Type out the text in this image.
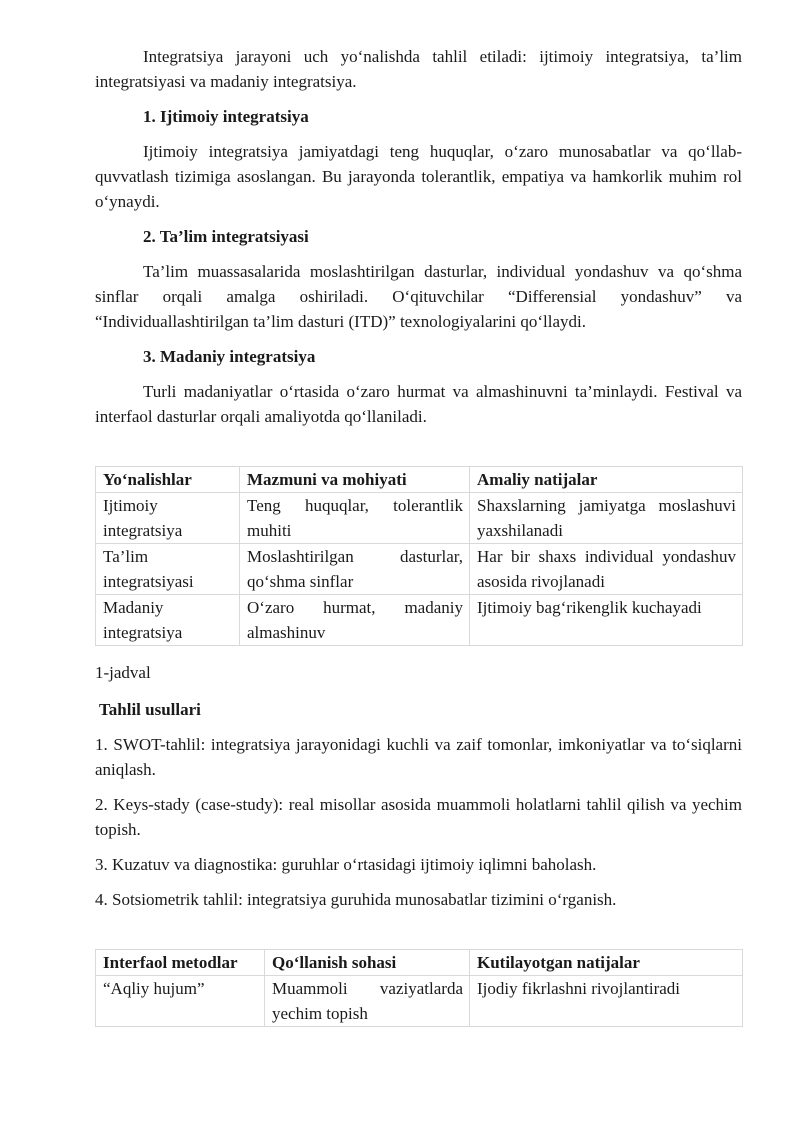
Integratsiya jarayoni uch yo‘nalishda tahlil etiladi: ijtimoiy integratsiya, ta’lim integratsiyasi va madaniy integratsiya.

1. Ijtimoiy integratsiya

Ijtimoiy integratsiya jamiyatdagi teng huquqlar, o‘zaro munosabatlar va qo‘llab-quvvatlash tizimiga asoslangan. Bu jarayonda tolerantlik, empatiya va hamkorlik muhim rol o‘ynaydi.

2. Ta’lim integratsiyasi

Ta’lim muassasalarida moslashtirilgan dasturlar, individual yondashuv va qo‘shma sinflar orqali amalga oshiriladi. O‘qituvchilar “Differensial yondashuv” va “Individuallashtirilgan ta’lim dasturi (ITD)” texnologiyalarini qo‘llaydi.

3. Madaniy integratsiya

Turli madaniyatlar o‘rtasida o‘zaro hurmat va almashinuvni ta’minlaydi. Festival va interfaol dasturlar orqali amaliyotda qo‘llaniladi.

Yo‘nalishlar	Mazmuni va mohiyati	Amaliy natijalar
Ijtimoiy integratsiya	Teng huquqlar, tolerantlik muhiti	Shaxslarning jamiyatga moslashuvi yaxshilanadi
Ta’lim integratsiyasi	Moslashtirilgan dasturlar, qo‘shma sinflar	Har bir shaxs individual yondashuv asosida rivojlanadi
Madaniy integratsiya	O‘zaro hurmat, madaniy almashinuv	Ijtimoiy bag‘rikenglik kuchayadi

1-jadval

Tahlil usullari

1. SWOT-tahlil: integratsiya jarayonidagi kuchli va zaif tomonlar, imkoniyatlar va to‘siqlarni aniqlash.

2. Keys-stady (case-study): real misollar asosida muammoli holatlarni tahlil qilish va yechim topish.

3. Kuzatuv va diagnostika: guruhlar o‘rtasidagi ijtimoiy iqlimni baholash.

4. Sotsiometrik tahlil: integratsiya guruhida munosabatlar tizimini o‘rganish.

Interfaol metodlar	Qo‘llanish sohasi	Kutilayotgan natijalar
“Aqliy hujum”	Muammoli vaziyatlarda yechim topish	Ijodiy fikrlashni rivojlantiradi
